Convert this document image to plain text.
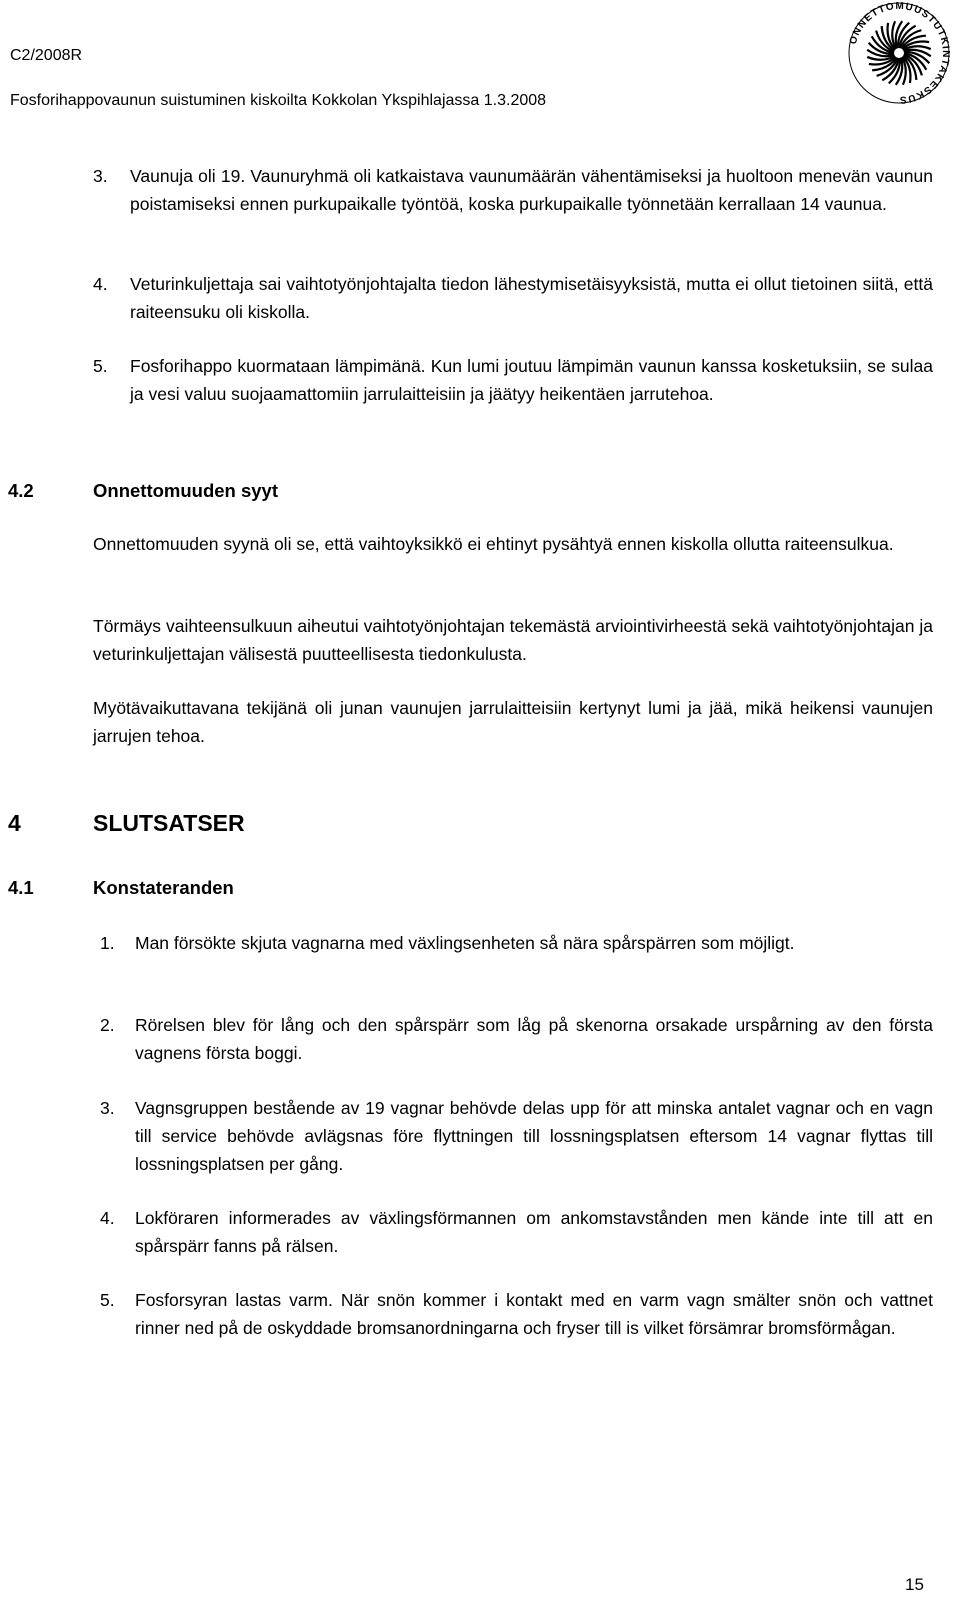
C2/2008R
Fosforihappovaunun suistuminen kiskoilta Kokkolan Ykspihlajassa 1.3.2008
ONNETTOMUUSTUTKINTAKESKUS
3. Vaunuja oli 19. Vaunuryhmä oli katkaistava vaunumäärän vähentämiseksi ja huoltoon menevän vaunun poistamiseksi ennen purkupaikalle työntöä, koska purkupaikalle työnnetään kerrallaan 14 vaunua.
4. Veturinkuljettaja sai vaihtotyönjohtajalta tiedon lähestymisetäisyyksistä, mutta ei ollut tietoinen siitä, että raiteensuku oli kiskolla.
5. Fosforihappo kuormataan lämpimänä. Kun lumi joutuu lämpimän vaunun kanssa kosketuksiin, se sulaa ja vesi valuu suojaamattomiin jarrulaitteisiin ja jäätyy heikentäen jarrutehoa.
4.2	Onnettomuuden syyt
Onnettomuuden syynä oli se, että vaihtoyksikkö ei ehtinyt pysähtyä ennen kiskolla ollutta raiteensulkua.
Törmäys vaihteensulkuun aiheutui vaihtotyönjohtajan tekemästä arviointivirheestä sekä vaihtotyönjohtajan ja veturinkuljettajan välisestä puutteellisesta tiedonkulusta.
Myötävaikuttavana tekijänä oli junan vaunujen jarrulaitteisiin kertynyt lumi ja jää, mikä heikensi vaunujen jarrujen tehoa.
4	SLUTSATSER
4.1	Konstateranden
1. Man försökte skjuta vagnarna med växlingsenheten så nära spårspärren som möjligt.
2. Rörelsen blev för lång och den spårspärr som låg på skenorna orsakade urspårning av den första vagnens första boggi.
3. Vagnsgruppen bestående av 19 vagnar behövde delas upp för att minska antalet vagnar och en vagn till service behövde avlägsnas före flyttningen till lossningsplatsen eftersom 14 vagnar flyttas till lossningsplatsen per gång.
4. Lokföraren informerades av växlingsförmannen om ankomstavstånden men kände inte till att en spårspärr fanns på rälsen.
5. Fosforsyran lastas varm. När snön kommer i kontakt med en varm vagn smälter snön och vattnet rinner ned på de oskyddade bromsanordningarna och fryser till is vilket försämrar bromsförmågan.
15
